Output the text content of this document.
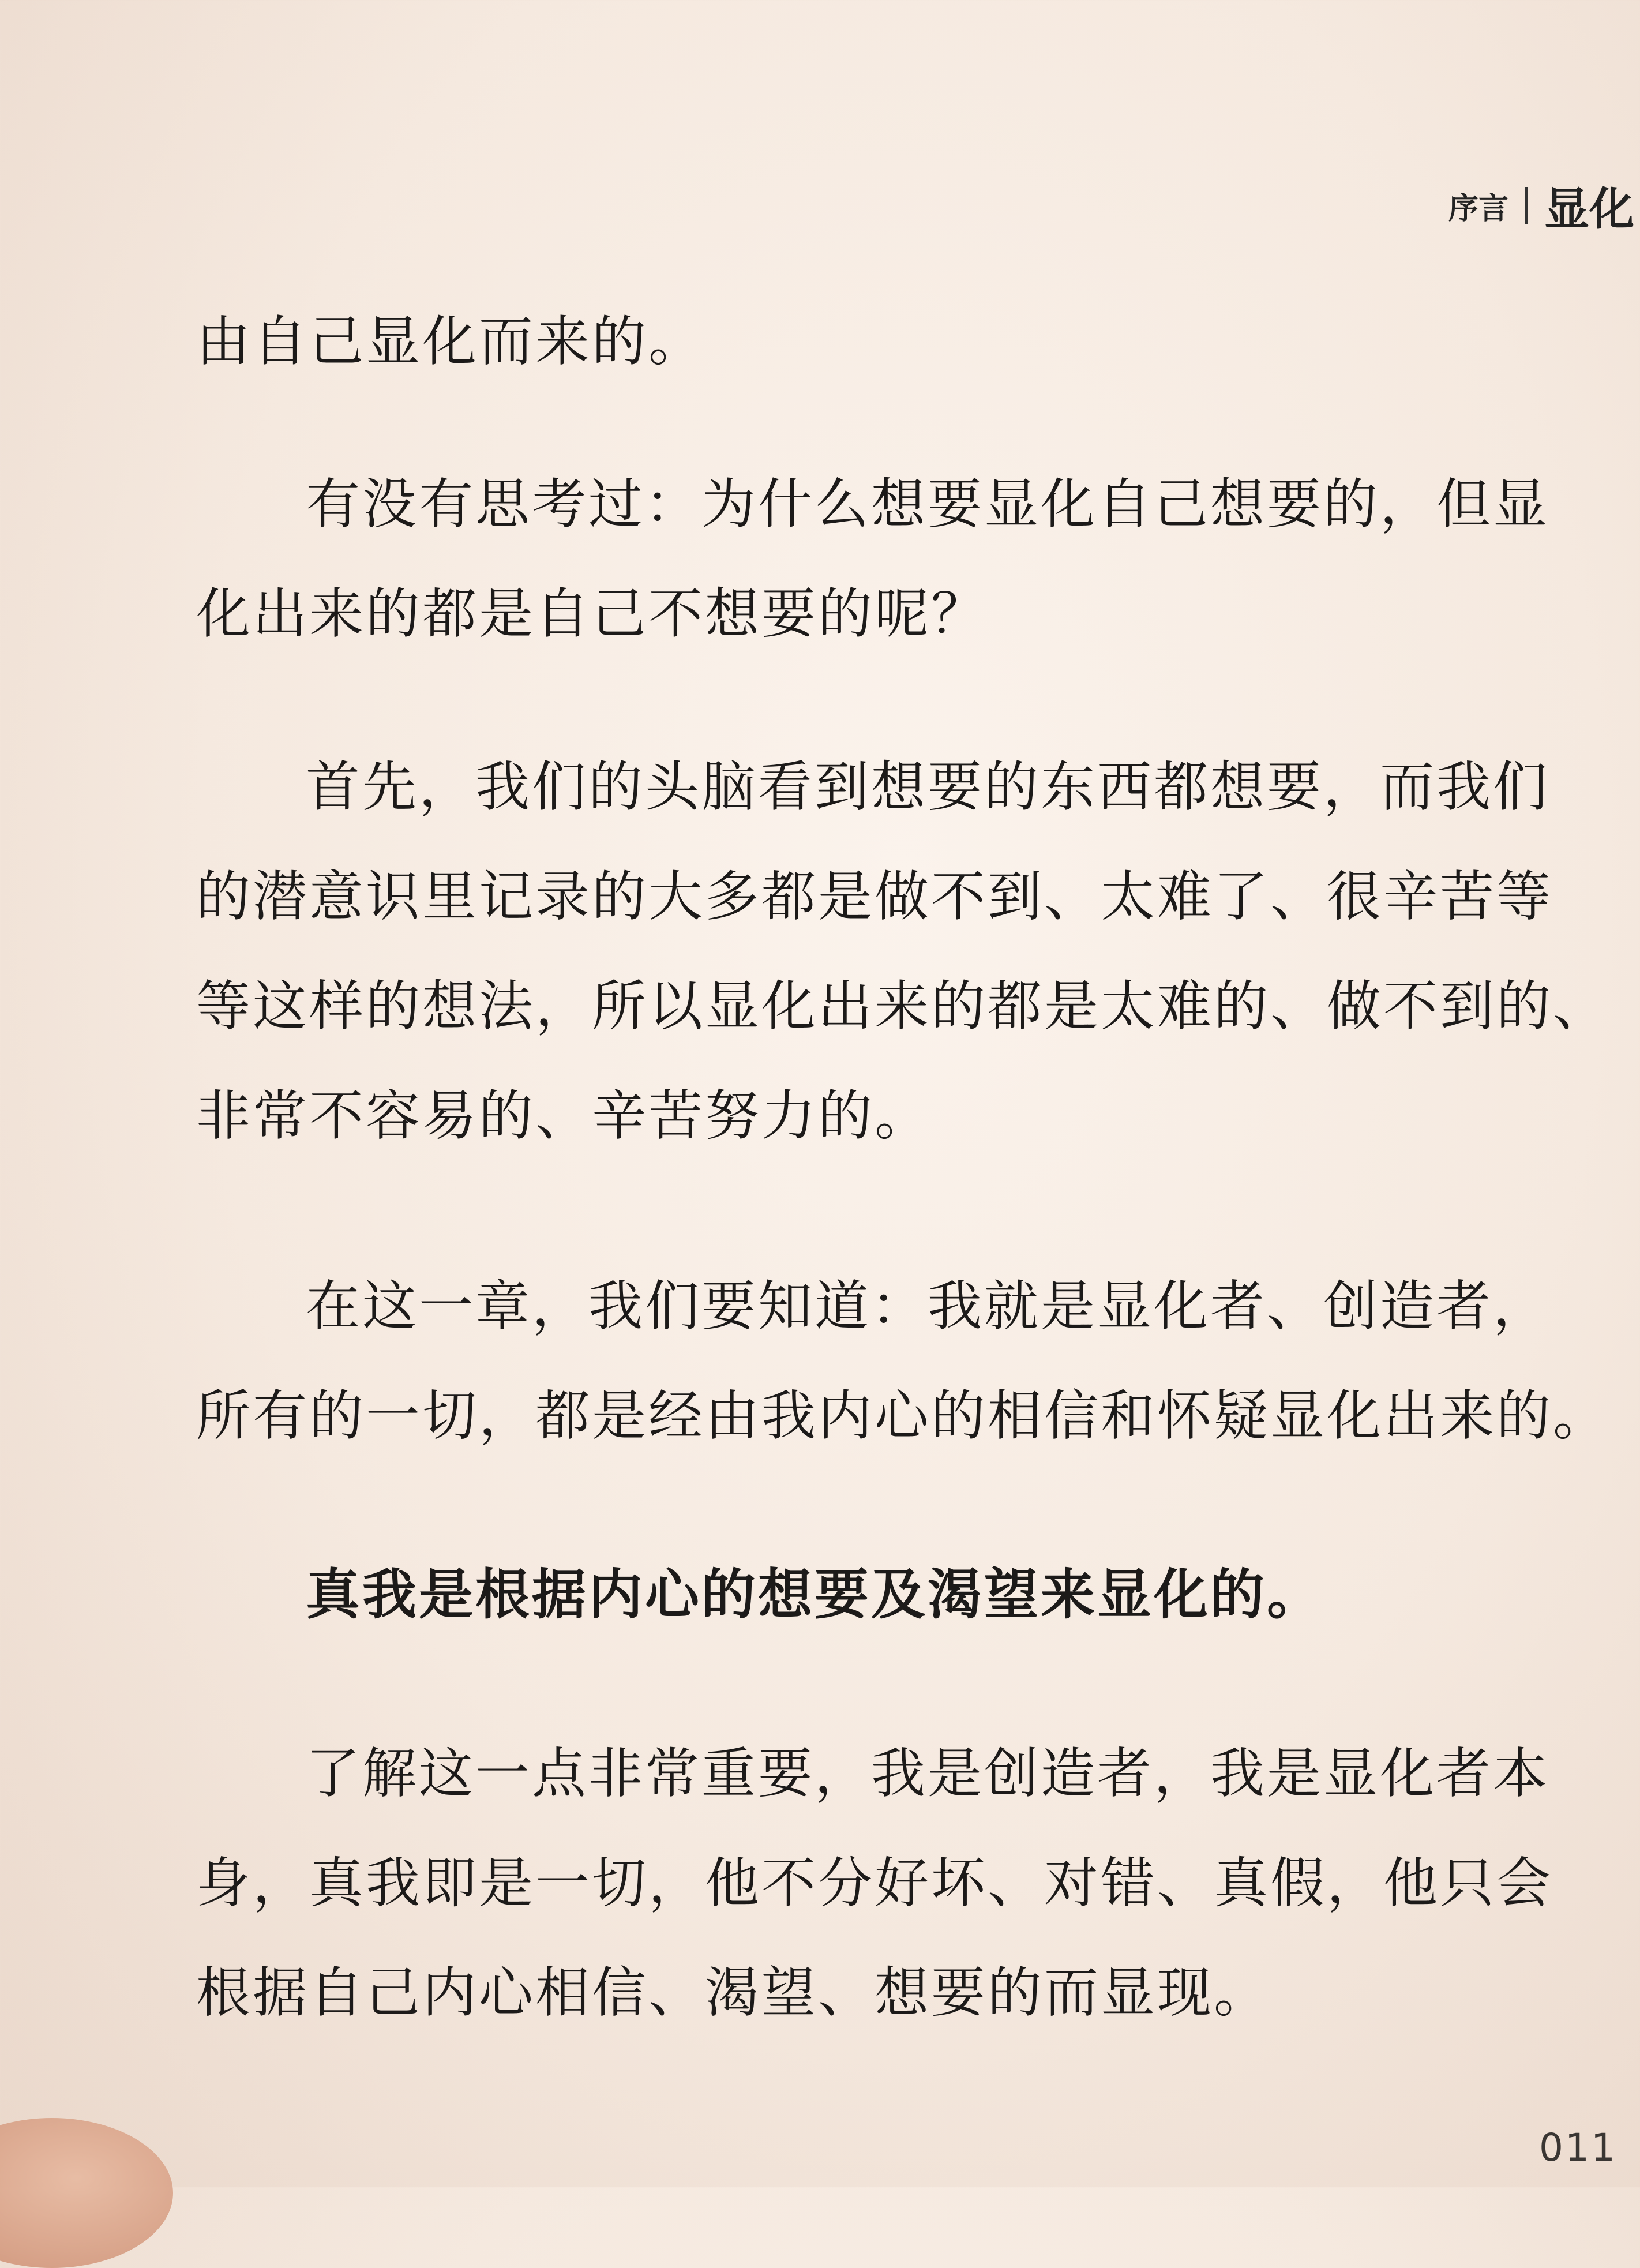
序言 显化

由自己显化而来的。

有没有思考过：为什么想要显化自己想要的，但显
化出来的都是自己不想要的呢？

首先，我们的头脑看到想要的东西都想要，而我们
的潜意识里记录的大多都是做不到、太难了、很辛苦等
等这样的想法，所以显化出来的都是太难的、做不到的、
非常不容易的、辛苦努力的。

在这一章，我们要知道：我就是显化者、创造者，
所有的一切，都是经由我内心的相信和怀疑显化出来的。

真我是根据内心的想要及渴望来显化的。

了解这一点非常重要，我是创造者，我是显化者本
身，真我即是一切，他不分好坏、对错、真假，他只会
根据自己内心相信、渴望、想要的而显现。

011
